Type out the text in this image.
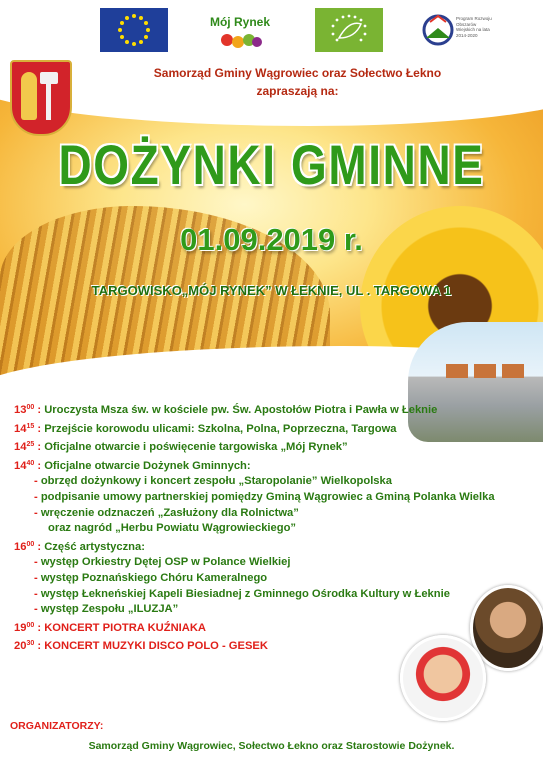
Mój Rynek	Program Rozwoju Obszarów Wiejskich na lata 2014-2020
Samorząd Gminy Wągrowiec oraz Sołectwo Łekno
zapraszają na:
DOŻYNKI GMINNE
01.09.2019 r.
TARGOWISKO„MÓJ RYNEK” W ŁEKNIE, UL . TARGOWA 1
$13^{00}$ : Uroczysta Msza św. w kościele pw. Św. Apostołów Piotra i Pawła w Łeknie
$14^{15}$ : Przejście korowodu ulicami: Szkolna, Polna, Poprzeczna, Targowa
$14^{25}$ : Oficjalne otwarcie i poświęcenie targowiska „Mój Rynek”
$14^{40}$ : Oficjalne otwarcie Dożynek Gminnych:
- obrzęd dożynkowy i koncert zespołu „Staropolanie” Wielkopolska
- podpisanie umowy partnerskiej pomiędzy Gminą Wągrowiec a Gminą Polanka Wielka
- wręczenie odznaczeń „Zasłużony dla Rolnictwa”
oraz nagród „Herbu Powiatu Wągrowieckiego”
$16^{00}$ : Część artystyczna:
- występ Orkiestry Dętej OSP w Polance Wielkiej
- występ Poznańskiego Chóru Kameralnego
- występ Łekneńskiej Kapeli Biesiadnej z Gminnego Ośrodka Kultury w Łeknie
- występ Zespołu „ILUZJA”
$19^{00}$ : KONCERT PIOTRA KUŹNIAKA
$20^{30}$ : KONCERT MUZYKI DISCO POLO - GESEK
ORGANIZATORZY:
Samorząd Gminy Wągrowiec, Sołectwo Łekno oraz Starostowie Dożynek.
